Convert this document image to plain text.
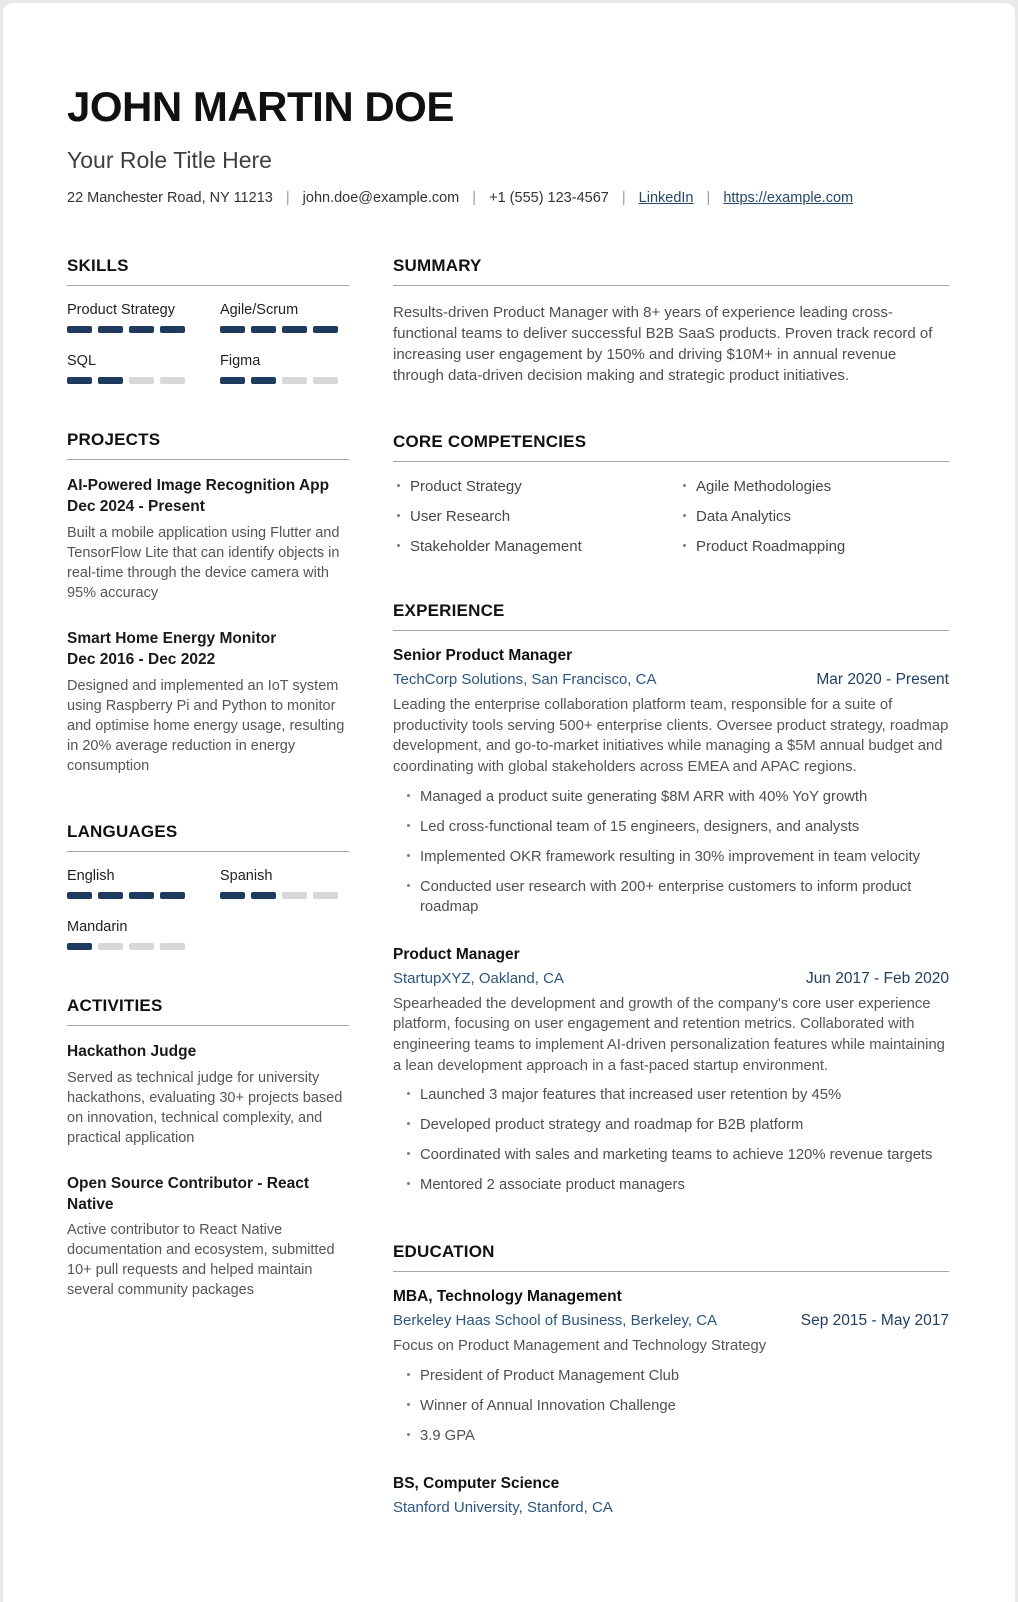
JOHN MARTIN DOE
Your Role Title Here
22 Manchester Road, NY 11213 | john.doe@example.com | +1 (555) 123-4567 | LinkedIn | https://example.com
SKILLS
Product Strategy	Agile/Scrum
SQL	Figma
PROJECTS
AI-Powered Image Recognition App
Dec 2024 - Present

Built a mobile application using Flutter and TensorFlow Lite that can identify objects in real-time through the device camera with 95% accuracy

Smart Home Energy Monitor
Dec 2016 - Dec 2022

Designed and implemented an IoT system using Raspberry Pi and Python to monitor and optimise home energy usage, resulting in 20% average reduction in energy consumption

LANGUAGES
English	Spanish
Mandarin
ACTIVITIES
Hackathon Judge

Served as technical judge for university hackathons, evaluating 30+ projects based on innovation, technical complexity, and practical application

Open Source Contributor - React Native

Active contributor to React Native documentation and ecosystem, submitted 10+ pull requests and helped maintain several community packages

SUMMARY

Results-driven Product Manager with 8+ years of experience leading cross-functional teams to deliver successful B2B SaaS products. Proven track record of increasing user engagement by 150% and driving $10M+ in annual revenue through data-driven decision making and strategic product initiatives.

CORE COMPETENCIES
Product Strategy	Agile Methodologies
User Research	Data Analytics
Stakeholder Management	Product Roadmapping
EXPERIENCE
Senior Product Manager
TechCorp Solutions, San Francisco, CA	Mar 2020 - Present

Leading the enterprise collaboration platform team, responsible for a suite of productivity tools serving 500+ enterprise clients. Oversee product strategy, roadmap development, and go-to-market initiatives while managing a $5M annual budget and coordinating with global stakeholders across EMEA and APAC regions.

Managed a product suite generating $8M ARR with 40% YoY growth
Led cross-functional team of 15 engineers, designers, and analysts
Implemented OKR framework resulting in 30% improvement in team velocity
Conducted user research with 200+ enterprise customers to inform product roadmap
Product Manager
StartupXYZ, Oakland, CA	Jun 2017 - Feb 2020

Spearheaded the development and growth of the company's core user experience platform, focusing on user engagement and retention metrics. Collaborated with engineering teams to implement AI-driven personalization features while maintaining a lean development approach in a fast-paced startup environment.

Launched 3 major features that increased user retention by 45%
Developed product strategy and roadmap for B2B platform
Coordinated with sales and marketing teams to achieve 120% revenue targets
Mentored 2 associate product managers
EDUCATION
MBA, Technology Management
Berkeley Haas School of Business, Berkeley, CA	Sep 2015 - May 2017

Focus on Product Management and Technology Strategy

President of Product Management Club
Winner of Annual Innovation Challenge
3.9 GPA
BS, Computer Science
Stanford University, Stanford, CA
